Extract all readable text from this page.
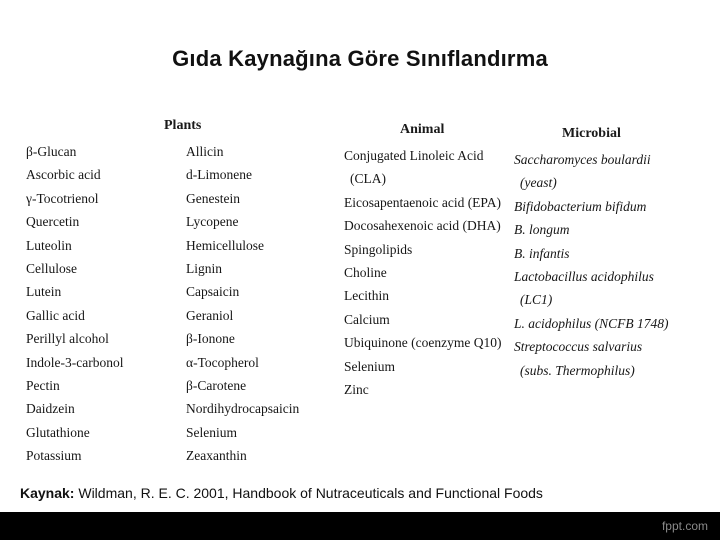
Gıda Kaynağına Göre Sınıflandırma
Plants	Animal	Microbial
β-Glucan
Ascorbic acid
γ-Tocotrienol
Quercetin
Luteolin
Cellulose
Lutein
Gallic acid
Perillyl alcohol
Indole-3-carbonol
Pectin
Daidzein
Glutathione
Potassium
Allicin
d-Limonene
Genestein
Lycopene
Hemicellulose
Lignin
Capsaicin
Geraniol
β-Ionone
α-Tocopherol
β-Carotene
Nordihydrocapsaicin
Selenium
Zeaxanthin
Conjugated Linoleic Acid
(CLA)
Eicosapentaenoic acid (EPA)
Docosahexenoic acid (DHA)
Spingolipids
Choline
Lecithin
Calcium
Ubiquinone (coenzyme Q10)
Selenium
Zinc
Saccharomyces boulardii
(yeast)
Bifidobacterium bifidum
B. longum
B. infantis
Lactobacillus acidophilus
(LC1)
L. acidophilus (NCFB 1748)
Streptococcus salvarius
(subs. Thermophilus)
Kaynak: Wildman, R. E. C. 2001, Handbook of Nutraceuticals and Functional Foods
fppt.com
